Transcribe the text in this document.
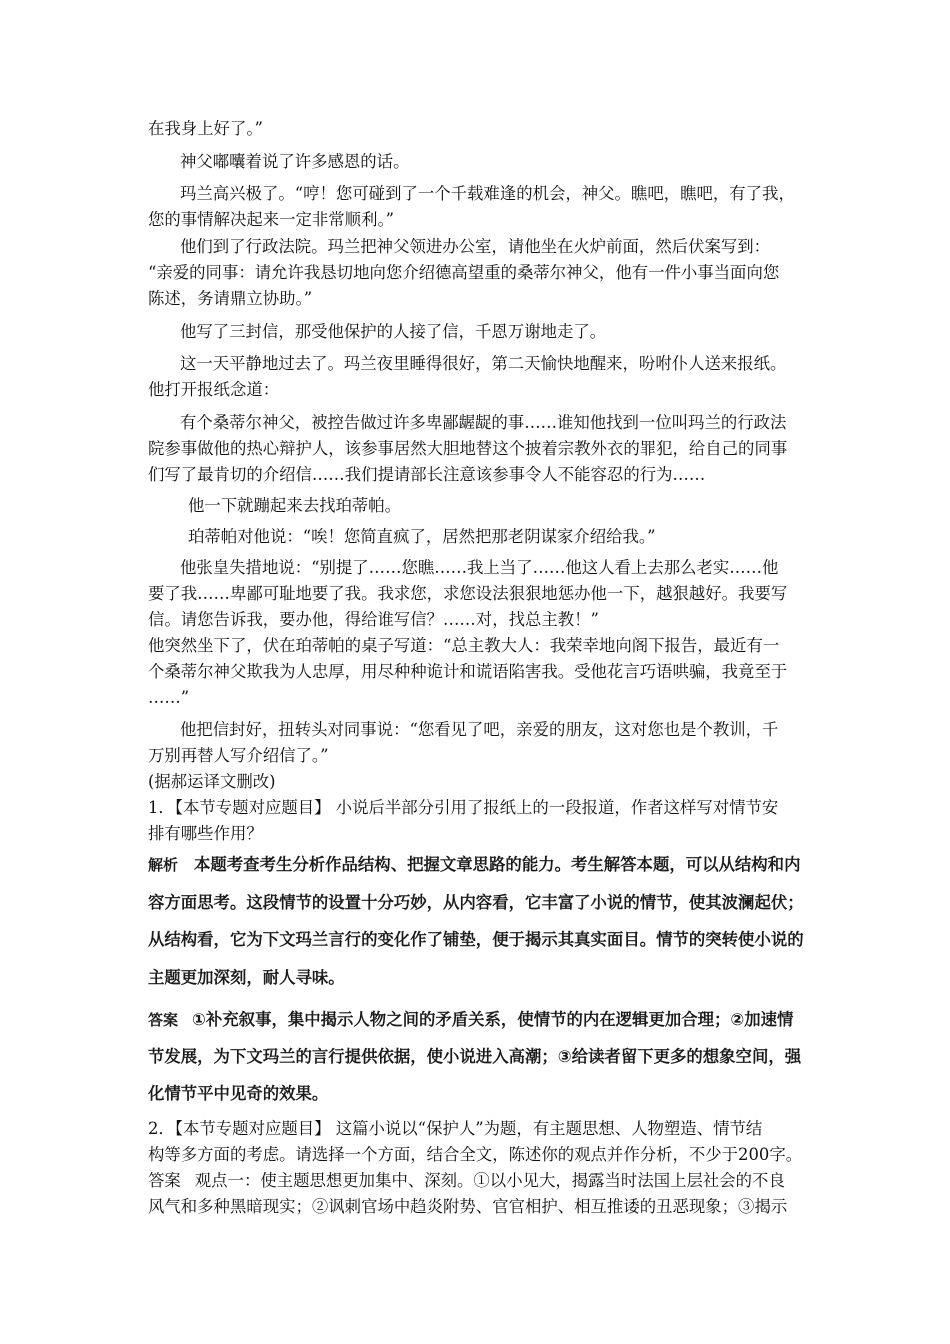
在我身上好了。”
神父嘟囔着说了许多感恩的话。
玛兰高兴极了。“哼！您可碰到了一个千载难逢的机会，神父。瞧吧，瞧吧，有了我，
您的事情解决起来一定非常顺利。”
他们到了行政法院。玛兰把神父领进办公室，请他坐在火炉前面，然后伏案写到：
“亲爱的同事：请允许我恳切地向您介绍德高望重的桑蒂尔神父，他有一件小事当面向您
陈述，务请鼎立协助。”
他写了三封信，那受他保护的人接了信，千恩万谢地走了。
这一天平静地过去了。玛兰夜里睡得很好，第二天愉快地醒来，吩咐仆人送来报纸。
他打开报纸念道：
有个桑蒂尔神父，被控告做过许多卑鄙龌龊的事……谁知他找到一位叫玛兰的行政法
院参事做他的热心辩护人，该参事居然大胆地替这个披着宗教外衣的罪犯，给自己的同事
们写了最肯切的介绍信……我们提请部长注意该参事令人不能容忍的行为……
他一下就蹦起来去找珀蒂帕。
珀蒂帕对他说：“唉！您简直疯了，居然把那老阴谋家介绍给我。”
他张皇失措地说：“别提了……您瞧……我上当了……他这人看上去那么老实……他
要了我……卑鄙可耻地要了我。我求您，求您设法狠狠地惩办他一下，越狠越好。我要写
信。请您告诉我，要办他，得给谁写信？……对，找总主教！”
他突然坐下了，伏在珀蒂帕的桌子写道：“总主教大人：我荣幸地向阁下报告，最近有一
个桑蒂尔神父欺我为人忠厚，用尽种种诡计和谎语陷害我。受他花言巧语哄骗，我竟至于
……”
他把信封好，扭转头对同事说：“您看见了吧，亲爱的朋友，这对您也是个教训，千
万别再替人写介绍信了。”
(据郝运译文删改)
1．【本节专题对应题目】 小说后半部分引用了报纸上的一段报道，作者这样写对情节安
排有哪些作用？
解析 本题考查考生分析作品结构、把握文章思路的能力。考生解答本题，可以从结构和内
容方面思考。这段情节的设置十分巧妙，从内容看，它丰富了小说的情节，使其波澜起伏；
从结构看，它为下文玛兰言行的变化作了铺垫，便于揭示其真实面目。情节的突转使小说的
主题更加深刻，耐人寻味。
答案 ①补充叙事，集中揭示人物之间的矛盾关系，使情节的内在逻辑更加合理；②加速情
节发展，为下文玛兰的言行提供依据，使小说进入高潮；③给读者留下更多的想象空间，强
化情节平中见奇的效果。
2．【本节专题对应题目】 这篇小说以“保护人”为题，有主题思想、人物塑造、情节结
构等多方面的考虑。请选择一个方面，结合全文，陈述你的观点并作分析，不少于200字。
答案 观点一：使主题思想更加集中、深刻。①以小见大，揭露当时法国上层社会的不良
风气和多种黑暗现实；②讽刺官场中趋炎附势、官官相护、相互推诿的丑恶现象；③揭示
